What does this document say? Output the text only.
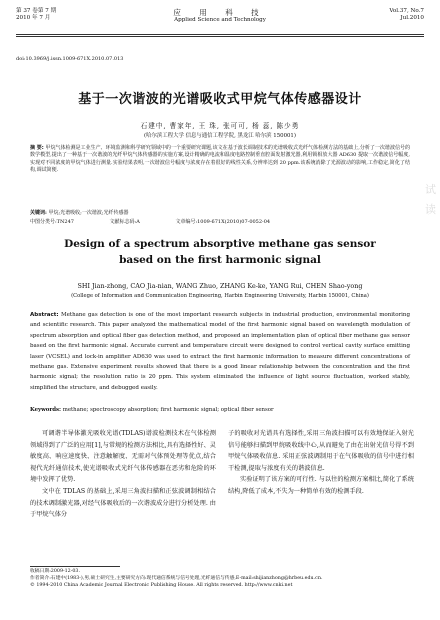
第 37 卷第 7 期
2010 年 7 月
应 用 科 技
Applied Science and Technology
Vol.37, No.7
Jul.2010
doi:10.3969/j.issn.1009-671X.2010.07.013
基于一次谐波的光谱吸收式甲烷气体传感器设计
石建中, 曹家年, 王 珠, 张可可, 杨 蕊, 陈少勇
(哈尔滨工程大学 信息与通信工程学院, 黑龙江 哈尔滨 150001)
摘 要: 甲烷气体检测是工业生产、环境监测和科学研究领域中的一个重要研究课题,该文在基于波长调制技术的光谱吸收式光纤气体检测方法的基础上,分析了一次谐波信号的数学模型,提出了一种基于一次谐波的光纤甲烷气体传感器的实施方案,设计精确的电流和温度电路控制垂直腔面发射激光器,利用锁相放大器 AD630 提取一次谐波信号幅度,实现对不同浓度的甲烷气体进行测量.实验结果表明,一次谐波信号幅度与浓度存在着很好的线性关系,分辨率达到 20 ppm.该系统消除了光源波动的影响,工作稳定,简化了结构,调试简便.
关键词: 甲烷;光谱吸收;一次谐波;光纤传感器
中图分类号:TN247	文献标志码:A	文章编号:1009-671X(2010)07-0052-04
Design of a spectrum absorptive methane gas sensor
based on the first harmonic signal
SHI Jian-zhong, CAO Jia-nian, WANG Zhuo, ZHANG Ke-ke, YANG Rui, CHEN Shao-yong
(College of Information and Communication Engineering, Harbin Engineering University, Harbin 150001, China)
Abstract: Methane gas detection is one of the most important research subjects in industrial production, environmental monitoring and scientific research. This paper analyzed the mathematical model of the first harmonic signal based on wavelength modulation of spectrum absorption and optical fiber gas detection method, and proposed an implementation plan of optical fiber methane gas sensor based on the first harmonic signal. Accurate current and temperature circuit were designed to control vertical cavity surface emitting laser (VCSEL) and lock-in amplifier AD630 was used to extract the first harmonic information to measure different concentrations of methane gas. Extensive experiment results showed that there is a good linear relationship between the concentration and the first harmonic signal; the resolution ratio is 20 ppm. This system eliminated the influence of light source fluctuation, worked stably, simplified the structure, and debugged easily.
Keywords: methane; spectroscopy absorption; first harmonic signal; optical fiber sensor

可调谐半导体激光吸收光谱(TDLAS)谱波检测技术在气体检测领域得到了广泛的应用[1],与常规的检测方法相比,具有选择性好、灵敏度高、响应速度快、注意触解度、无需对气体预处理等优点,结合视代光纤通信技术,使光谱吸收式光纤气体传感器在恶劣和危险的环境中发挥了优势.

文中在 TDLAS 的基础上,采用三角波扫描和正弦波调制相结合的技术调制激光器,对经气体吸收后的一次谐波成分进行分析处理. 由于甲烷气体分

子的吸收对光谱具有选择性,采用三角波扫描可以有效地保证入射光信号能够扫描到甲烷吸收线中心,从而避免了由在出射光信号得不到甲烷气体吸收信息. 采用正弦波调制用于在气体吸收的信号中进行相干检测,提取与浓度有关的谐波信息.

实验证明了该方案的可行性. 与以往的检测方案相比,简化了系统结构,降低了成本,不失为一种简单有效的检测手段.

收稿日期:2009-12-03.
作者简介:石建中(1983-),男,硕士研究生,主要研究方向:现代通信系统与信号处理,光纤通信与传感,E-mail:shijianzhong@hrbeu.edu.cn.
© 1994-2010 China Academic Journal Electronic Publishing House. All rights reserved. http://www.cnki.net
试读
